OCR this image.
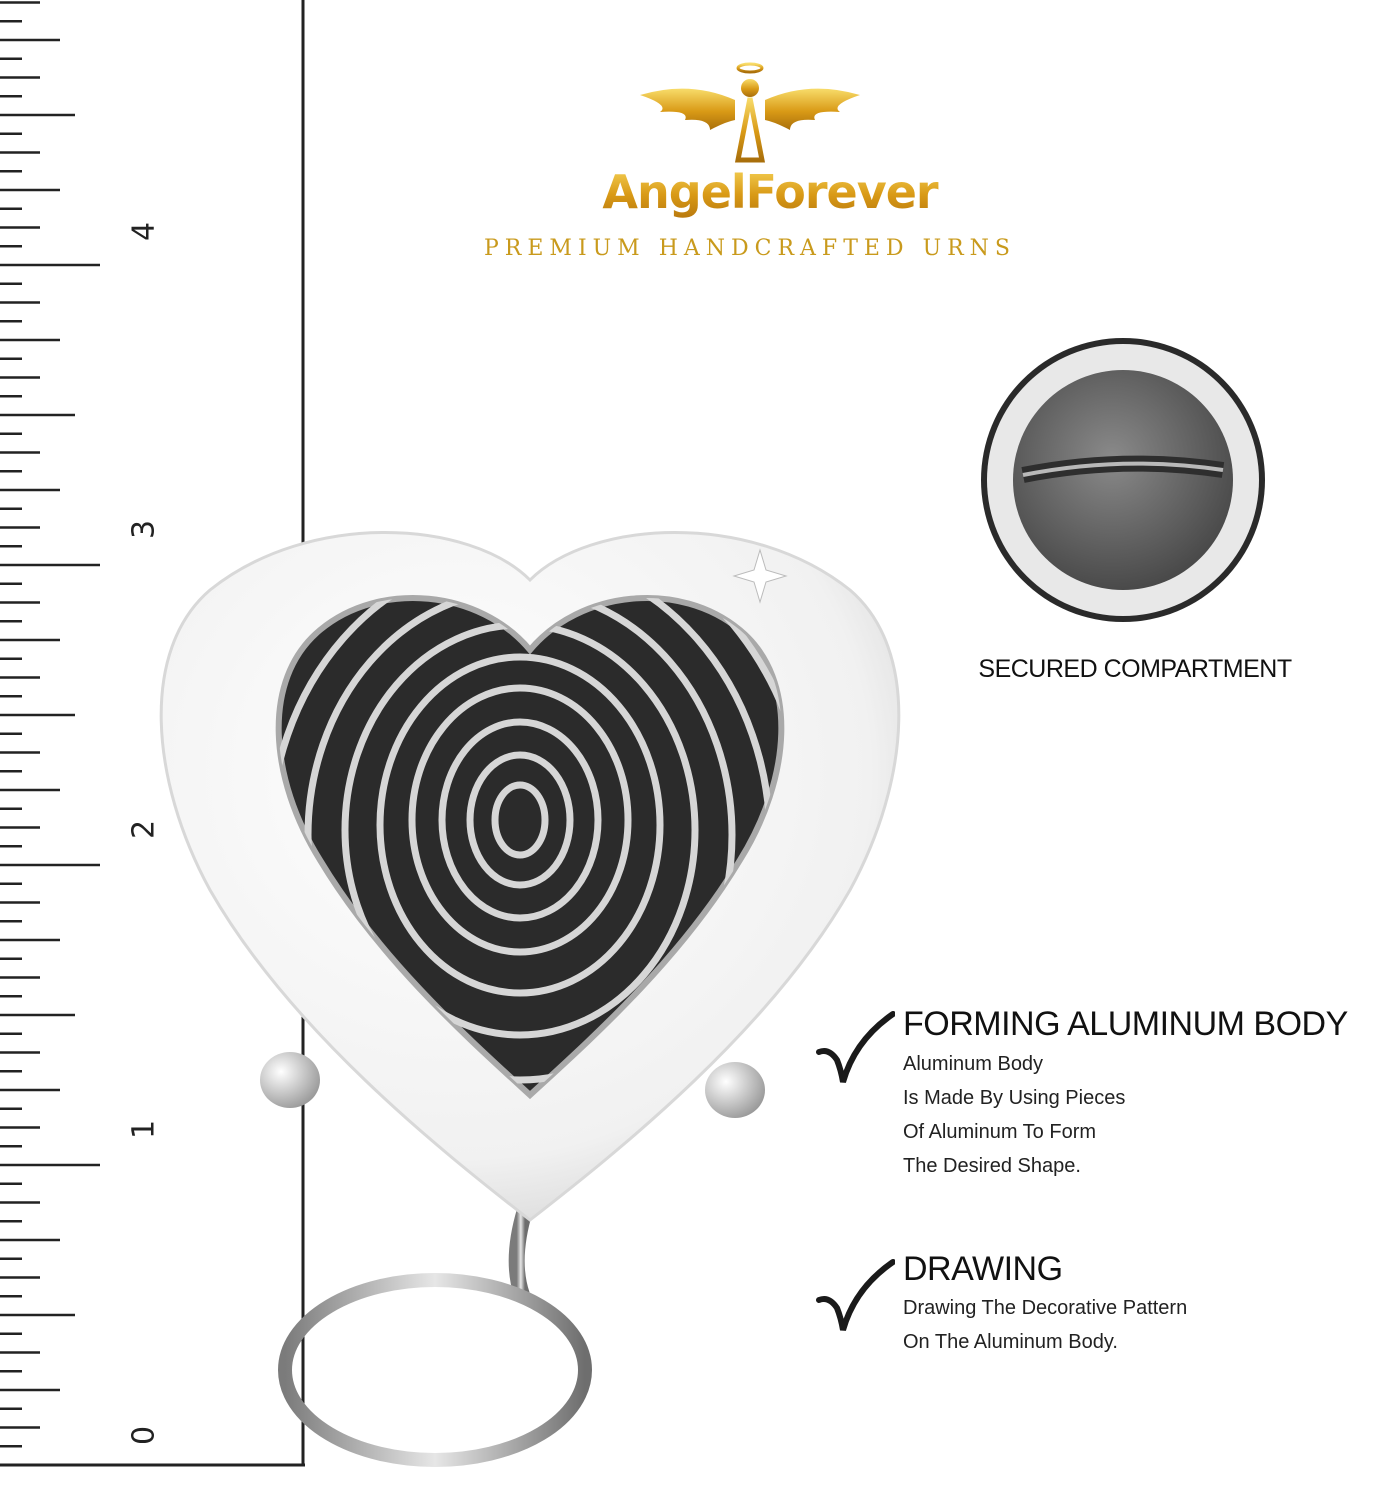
4
3
2
1
0
AngelForever
PREMIUM HANDCRAFTED URNS
SECURED COMPARTMENT
FORMING ALUMINUM BODY
Aluminum Body
Is Made By Using Pieces
Of Aluminum To Form
The Desired Shape.
DRAWING
Drawing The Decorative Pattern
On The Aluminum Body.
